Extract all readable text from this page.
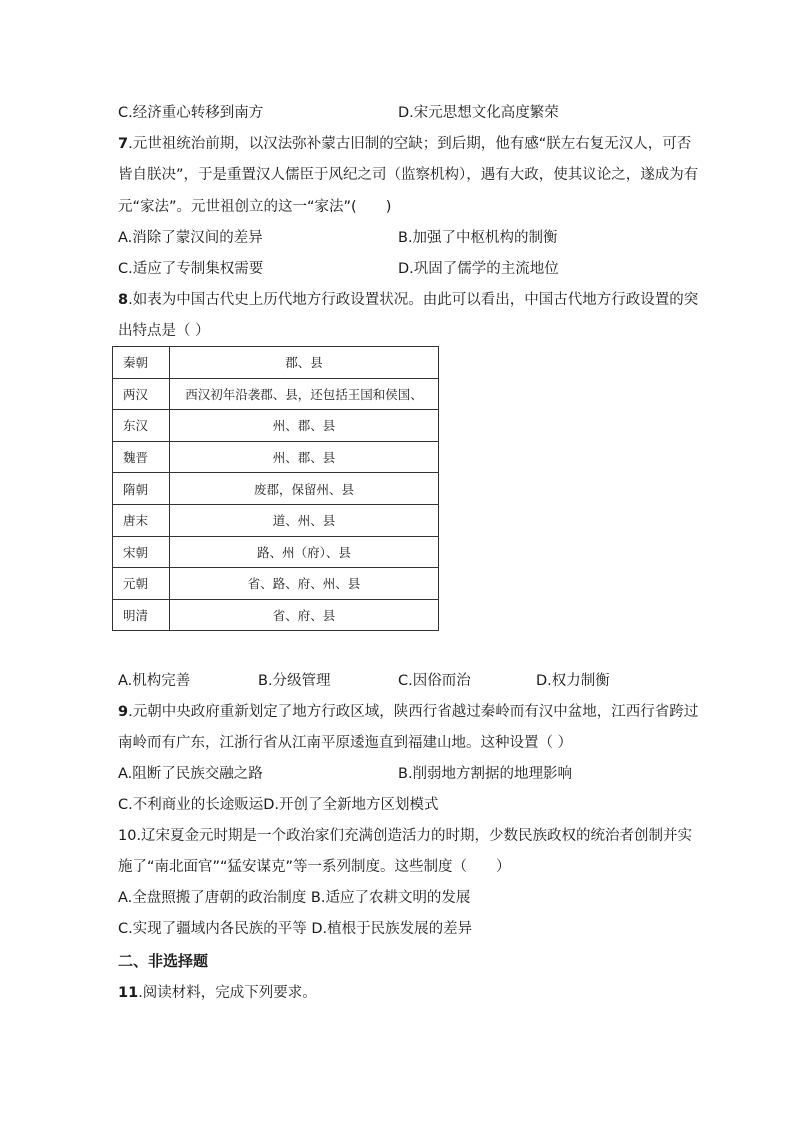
C.经济重心转移到南方	D.宋元思想文化高度繁荣
7.元世祖统治前期，以汉法弥补蒙古旧制的空缺；到后期，他有感“朕左右复无汉人，可否
皆自朕决”，于是重置汉人儒臣于风纪之司（监察机构），遇有大政，使其议论之，遂成为有
元“家法”。元世祖创立的这一“家法”(　　)
A.消除了蒙汉间的差异	B.加强了中枢机构的制衡
C.适应了专制集权需要	D.巩固了儒学的主流地位
8.如表为中国古代史上历代地方行政设置状况。由此可以看出，中国古代地方行政设置的突
出特点是（ ）
秦朝	郡、县
两汉	西汉初年沿袭郡、县，还包括王国和侯国、
东汉	州、郡、县
魏晋	州、郡、县
隋朝	废郡，保留州、县
唐末	道、州、县
宋朝	路、州（府）、县
元朝	省、路、府、州、县
明清	省、府、县
A.机构完善	B.分级管理	C.因俗而治	D.权力制衡
9.元朝中央政府重新划定了地方行政区域，陕西行省越过秦岭而有汉中盆地，江西行省跨过
南岭而有广东，江浙行省从江南平原逶迤直到福建山地。这种设置（ ）
A.阻断了民族交融之路	B.削弱地方割据的地理影响
C.不利商业的长途贩运D.开创了全新地方区划模式
10.辽宋夏金元时期是一个政治家们充满创造活力的时期，少数民族政权的统治者创制并实
施了“南北面官”“猛安谋克”等一系列制度。这些制度（　　）
A.全盘照搬了唐朝的政治制度 B.适应了农耕文明的发展
C.实现了疆域内各民族的平等 D.植根于民族发展的差异
二、非选择题
11.阅读材料，完成下列要求。
